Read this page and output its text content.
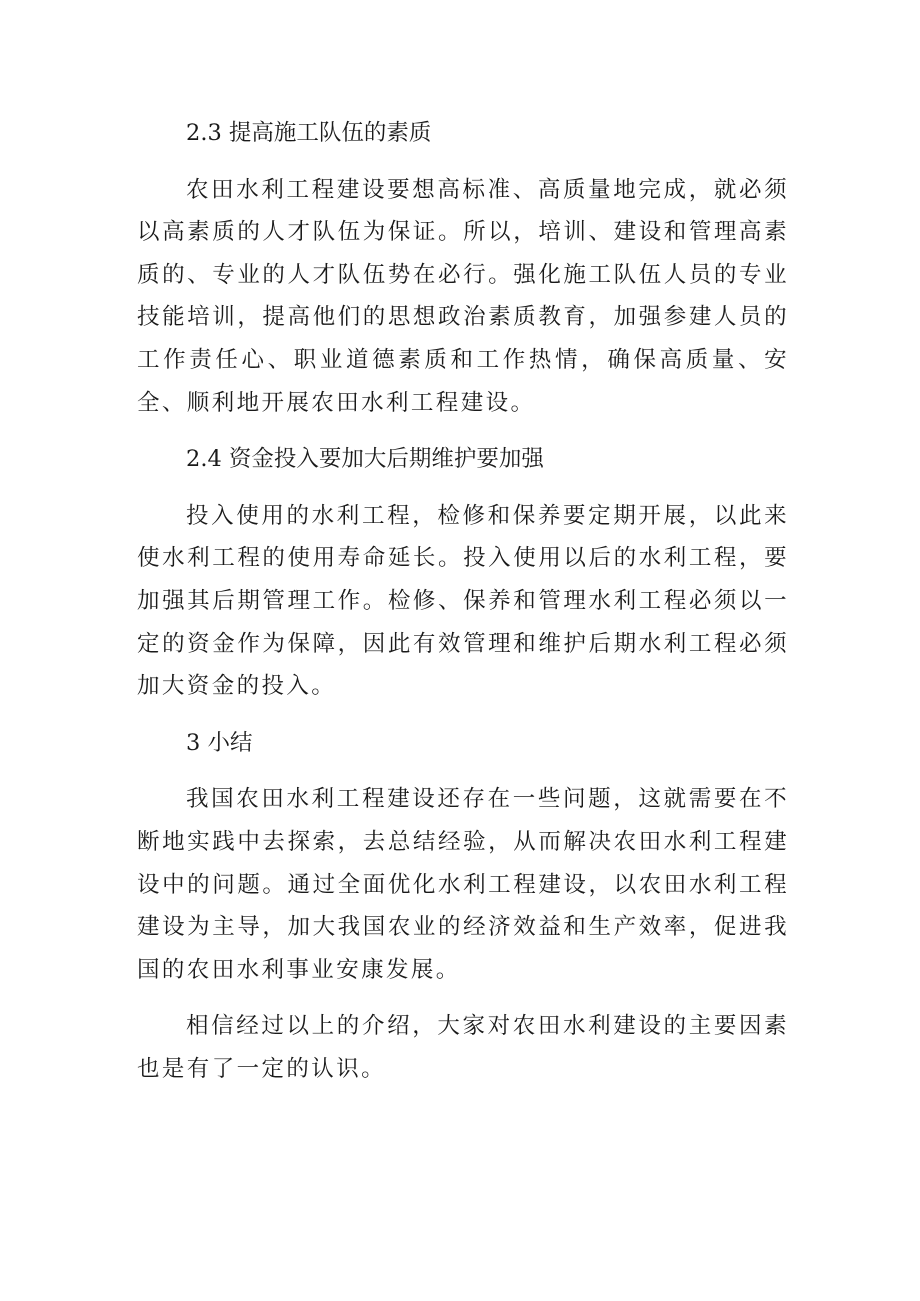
2.3 提高施工队伍的素质

农田水利工程建设要想高标准、高质量地完成，就必须以高素质的人才队伍为保证。所以，培训、建设和管理高素质的、专业的人才队伍势在必行。强化施工队伍人员的专业技能培训，提高他们的思想政治素质教育，加强参建人员的工作责任心、职业道德素质和工作热情，确保高质量、安全、顺利地开展农田水利工程建设。

2.4 资金投入要加大后期维护要加强

投入使用的水利工程，检修和保养要定期开展，以此来使水利工程的使用寿命延长。投入使用以后的水利工程，要加强其后期管理工作。检修、保养和管理水利工程必须以一定的资金作为保障，因此有效管理和维护后期水利工程必须加大资金的投入。

3 小结

我国农田水利工程建设还存在一些问题，这就需要在不断地实践中去探索，去总结经验，从而解决农田水利工程建设中的问题。通过全面优化水利工程建设，以农田水利工程建设为主导，加大我国农业的经济效益和生产效率，促进我国的农田水利事业安康发展。

相信经过以上的介绍，大家对农田水利建设的主要因素也是有了一定的认识。
